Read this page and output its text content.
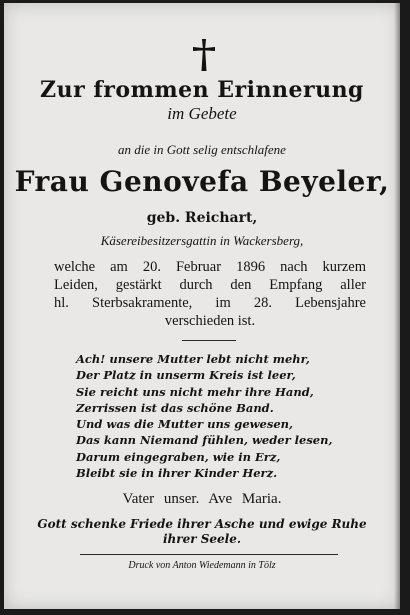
Zur frommen Erinnerung
im Gebete
an die in Gott selig entschlafene
Frau Genovefa Beyeler,
geb. Reichart,
Käsereibesitzersgattin in Wackersberg,
welche am 20. Februar 1896 nach kurzem
Leiden, gestärkt durch den Empfang aller
hl. Sterbsakramente, im 28. Lebensjahre
verschieden ist.
Ach! unsere Mutter lebt nicht mehr,
Der Platz in unserm Kreis ist leer,
Sie reicht uns nicht mehr ihre Hand,
Zerrissen ist das schöne Band.
Und was die Mutter uns gewesen,
Das kann Niemand fühlen, weder lesen,
Darum eingegraben, wie in Erz,
Bleibt sie in ihrer Kinder Herz.
Vater unser. Ave Maria.
Gott schenke Friede ihrer Asche und ewige Ruhe
ihrer Seele.
Druck von Anton Wiedemann in Tölz
